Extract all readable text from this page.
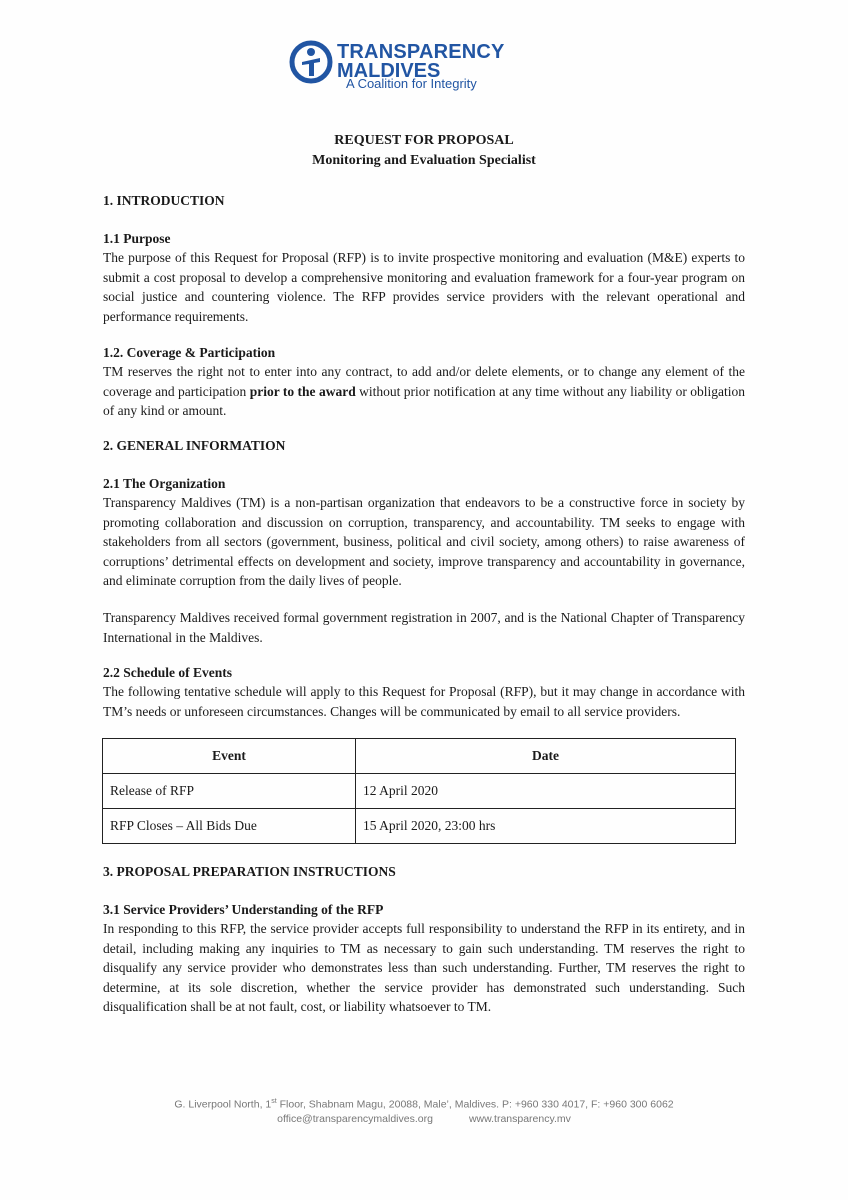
TRANSPARENCY
MALDIVES
A Coalition for Integrity
REQUEST FOR PROPOSAL
Monitoring and Evaluation Specialist
1. INTRODUCTION
1.1 Purpose
The purpose of this Request for Proposal (RFP) is to invite prospective monitoring and evaluation (M&E) experts to submit a cost proposal to develop a comprehensive monitoring and evaluation framework for a four-year program on social justice and countering violence. The RFP provides service providers with the relevant operational and performance requirements.
1.2. Coverage & Participation
TM reserves the right not to enter into any contract, to add and/or delete elements, or to change any element of the coverage and participation prior to the award without prior notification at any time without any liability or obligation of any kind or amount.
2. GENERAL INFORMATION
2.1 The Organization
Transparency Maldives (TM) is a non-partisan organization that endeavors to be a constructive force in society by promoting collaboration and discussion on corruption, transparency, and accountability. TM seeks to engage with stakeholders from all sectors (government, business, political and civil society, among others) to raise awareness of corruptions’ detrimental effects on development and society, improve transparency and accountability in governance, and eliminate corruption from the daily lives of people.
Transparency Maldives received formal government registration in 2007, and is the National Chapter of Transparency International in the Maldives.
2.2 Schedule of Events
The following tentative schedule will apply to this Request for Proposal (RFP), but it may change in accordance with TM’s needs or unforeseen circumstances. Changes will be communicated by email to all service providers.
Event	Date
Release of RFP	12 April 2020
RFP Closes – All Bids Due	15 April 2020, 23:00 hrs
3. PROPOSAL PREPARATION INSTRUCTIONS
3.1 Service Providers’ Understanding of the RFP
In responding to this RFP, the service provider accepts full responsibility to understand the RFP in its entirety, and in detail, including making any inquiries to TM as necessary to gain such understanding. TM reserves the right to disqualify any service provider who demonstrates less than such understanding. Further, TM reserves the right to determine, at its sole discretion, whether the service provider has demonstrated such understanding. Such disqualification shall be at not fault, cost, or liability whatsoever to TM.
G. Liverpool North, 1st Floor, Shabnam Magu, 20088, Male’, Maldives. P: +960 330 4017, F: +960 300 6062
office@transparencymaldives.org	www.transparency.mv
